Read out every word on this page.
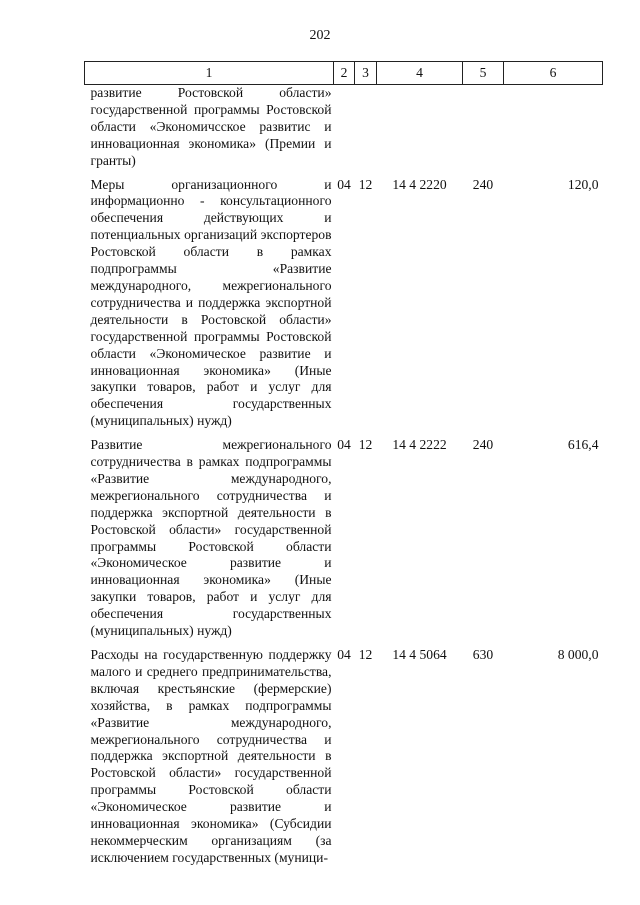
202
1	2	3	4	5	6
развитие Ростовской области» государственной программы Ростовской области «Экономичсское развитис и инновационная экономика» (Премии и гранты)					
Меры организационного и информационно - консультационного обеспечения действующих и потенциальных организаций экспортеров Ростовской области в рамках подпрограммы «Развитие международного, межрегионального сотрудничества и поддержка экспортной деятельности в Ростовской области» государственной программы Ростовской области «Экономическое развитие и инновационная экономика» (Иные закупки товаров, работ и услуг для обеспечения государственных (муниципальных) нужд)	04	12	14 4 2220	240	120,0
Развитие межрегионального сотрудничества в рамках подпрограммы «Развитие международного, межрегионального сотрудничества и поддержка экспортной деятельности в Ростовской области» государственной программы Ростовской области «Экономическое развитие и инновационная экономика» (Иные закупки товаров, работ и услуг для обеспечения государственных (муниципальных) нужд)	04	12	14 4 2222	240	616,4
Расходы на государственную поддержку малого и среднего предпринимательства, включая крестьянские (фермерские) хозяйства, в рамках подпрограммы «Развитие международного, межрегионального сотрудничества и поддержка экспортной деятельности в Ростовской области» государственной программы Ростовской области «Экономическое развитие и инновационная экономика» (Субсидии некоммерческим организациям (за исключением государственных (муници-	04	12	14 4 5064	630	8 000,0
